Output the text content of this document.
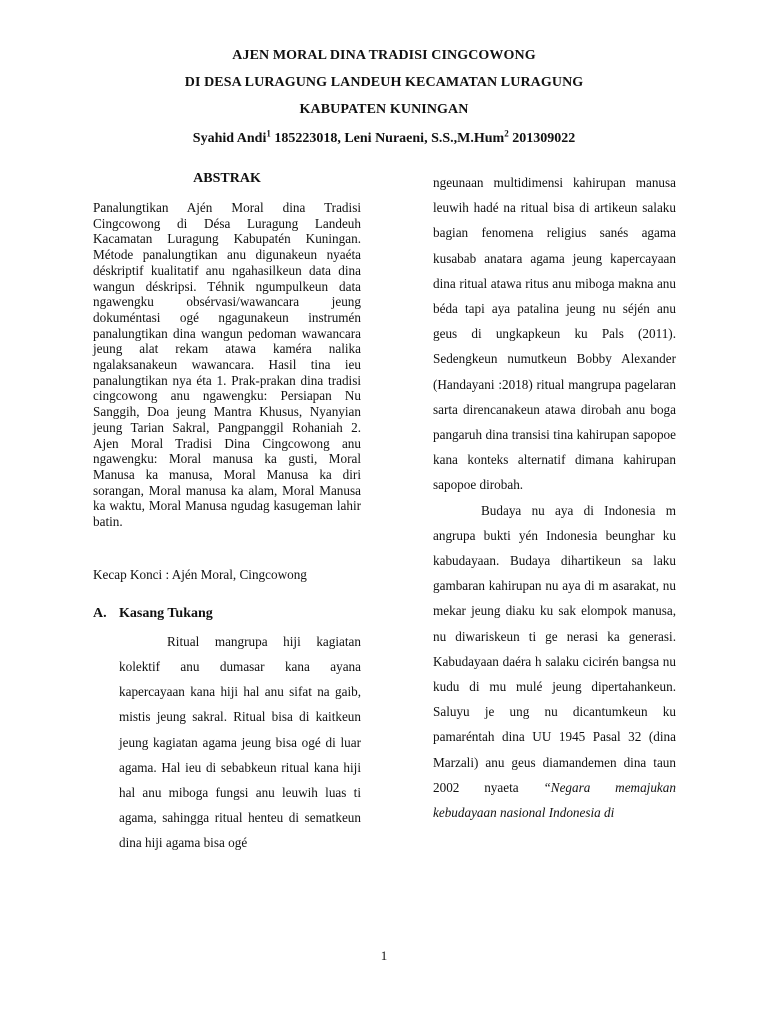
AJEN MORAL DINA TRADISI CINGCOWONG
DI DESA LURAGUNG LANDEUH KECAMATAN LURAGUNG
KABUPATEN KUNINGAN
Syahid Andi$^1$ 185223018, Leni Nuraeni, S.S.,M.Hum$^2$ 201309022
ABSTRAK

Panalungtikan Ajén Moral dina Tradisi Cingcowong di Désa Luragung Landeuh Kacamatan Luragung Kabupatén Kuningan. Métode panalungtikan anu digunakeun nyaéta déskriptif kualitatif anu ngahasilkeun data dina wangun déskripsi. Téhnik ngumpulkeun data ngawengku obsérvasi/wawancara jeung dokuméntasi ogé ngagunakeun instrumén panalungtikan dina wangun pedoman wawancara jeung alat rekam atawa kaméra nalika ngalaksanakeun wawancara. Hasil tina ieu panalungtikan nya éta 1. Prak-prakan dina tradisi cingcowong anu ngawengku: Persiapan Nu Sanggih, Doa jeung Mantra Khusus, Nyanyian jeung Tarian Sakral, Pangpanggil Rohaniah 2. Ajen Moral Tradisi Dina Cingcowong anu ngawengku: Moral manusa ka gusti, Moral Manusa ka manusa, Moral Manusa ka diri sorangan, Moral manusa ka alam, Moral Manusa ka waktu, Moral Manusa ngudag kasugeman lahir batin.

Kecap Konci : Ajén Moral, Cingcowong
A. Kasang Tukang

Ritual mangrupa hiji kagiatan kolektif anu dumasar kana ayana kapercayaan kana hiji hal anu sifat na gaib, mistis jeung sakral. Ritual bisa di kaitkeun jeung kagiatan agama jeung bisa ogé di luar agama. Hal ieu di sebabkeun ritual kana hiji hal anu miboga fungsi anu leuwih luas ti agama, sahingga ritual henteu di sematkeun dina hiji agama bisa ogé

ngeunaan multidimensi kahirupan manusa leuwih hadé na ritual bisa di artikeun salaku bagian fenomena religius sanés agama kusabab anatara agama jeung kapercayaan dina ritual atawa ritus anu miboga makna anu béda tapi aya patalina jeung nu séjén anu geus di ungkapkeun ku Pals (2011). Sedengkeun numutkeun Bobby Alexander (Handayani :2018) ritual mangrupa pagelaran sarta direncanakeun atawa dirobah anu boga pangaruh dina transisi tina kahirupan sapopoe kana konteks alternatif dimana kahirupan sapopoe dirobah.

Budaya nu aya di Indonesia m angrupa bukti yén Indonesia beunghar ku kabudayaan. Budaya dihartikeun sa laku gambaran kahirupan nu aya di m asarakat, nu mekar jeung diaku ku sak elompok manusa, nu diwariskeun ti ge nerasi ka generasi. Kabudayaan daéra h salaku cicirén bangsa nu kudu di mu mulé jeung dipertahankeun. Saluyu je ung nu dicantumkeun ku pamaréntah dina UU 1945 Pasal 32 (dina Marzali) anu geus diamandemen dina taun 2002 nyaeta “Negara memajukan kebudayaan nasional Indonesia di

1
